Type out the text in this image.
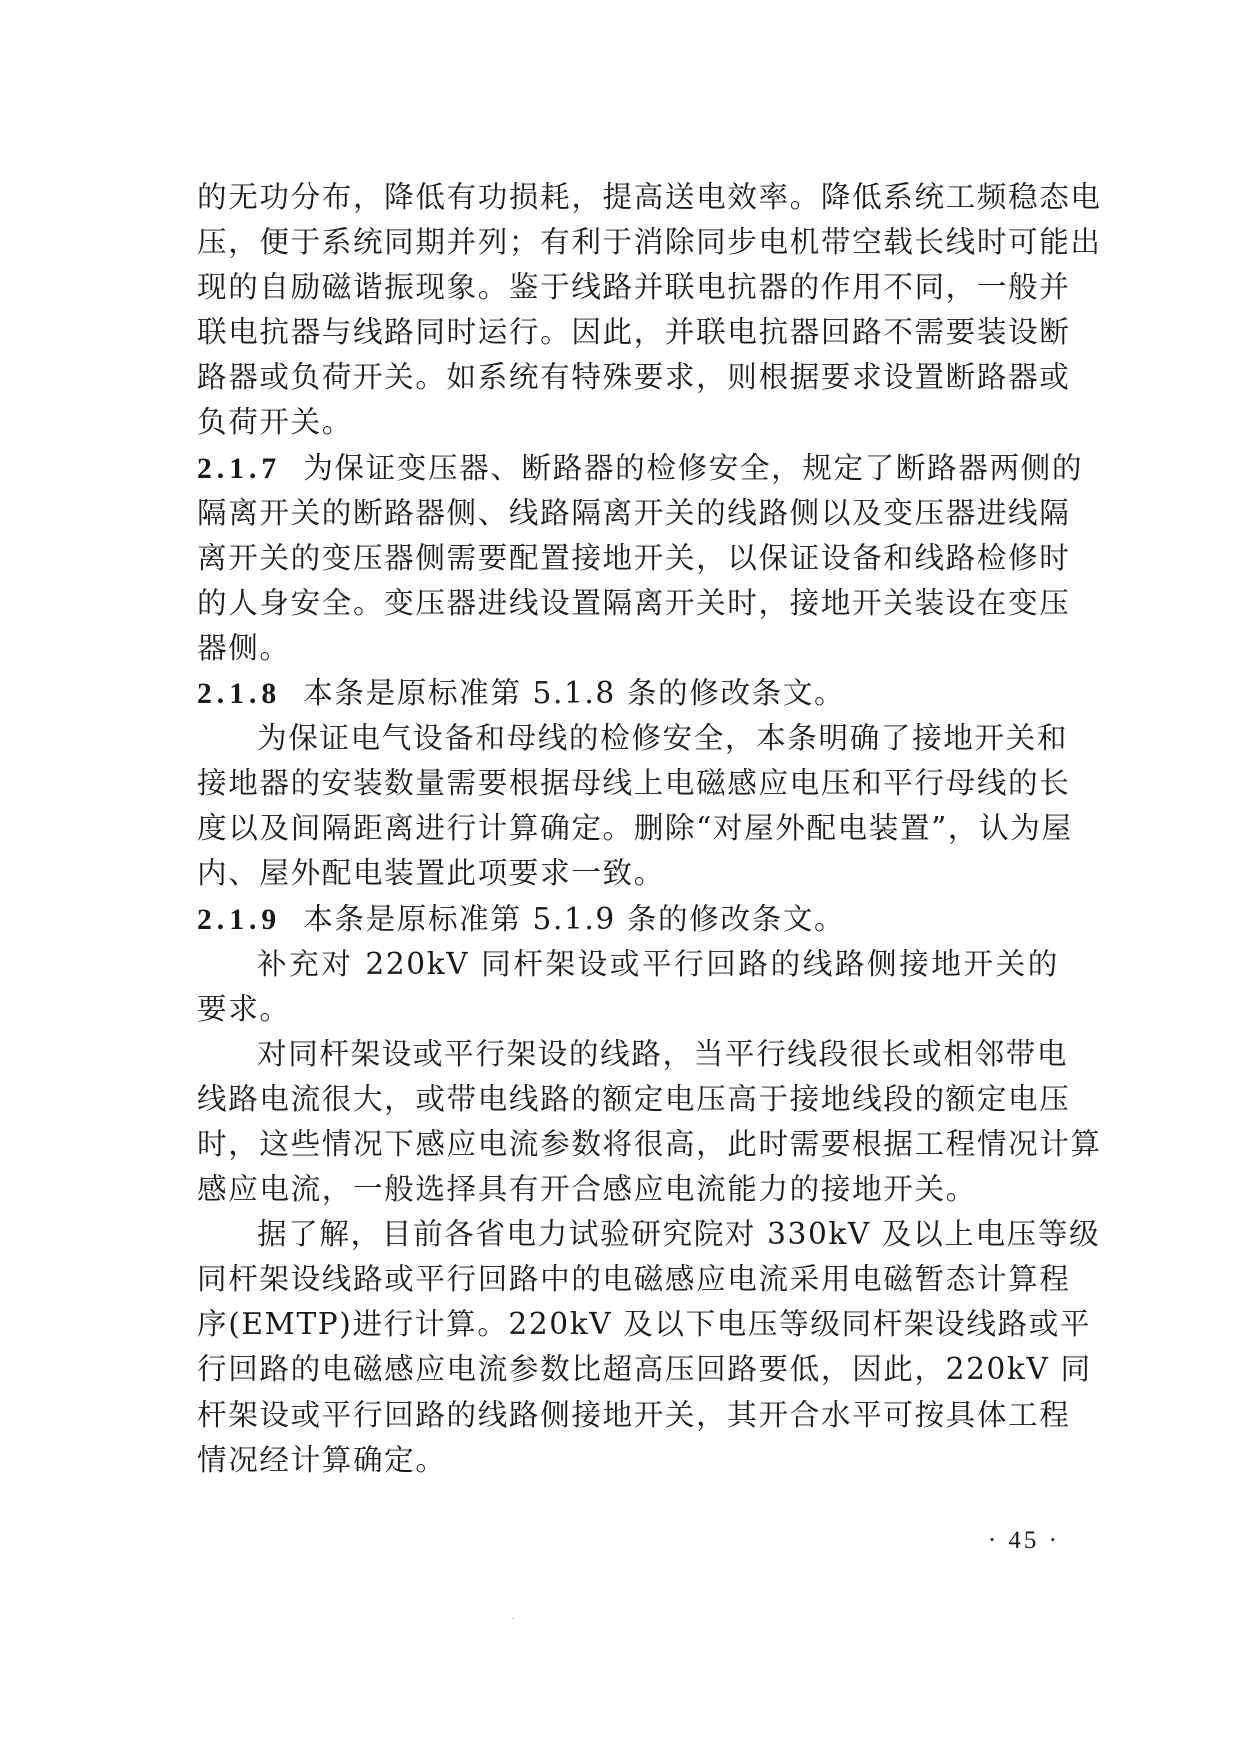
的无功分布，降低有功损耗，提高送电效率。降低系统工频稳态电
压，便于系统同期并列；有利于消除同步电机带空载长线时可能出
现的自励磁谐振现象。鉴于线路并联电抗器的作用不同，一般并
联电抗器与线路同时运行。因此，并联电抗器回路不需要装设断
路器或负荷开关。如系统有特殊要求，则根据要求设置断路器或
负荷开关。
2.1.7 为保证变压器、断路器的检修安全，规定了断路器两侧的
隔离开关的断路器侧、线路隔离开关的线路侧以及变压器进线隔
离开关的变压器侧需要配置接地开关，以保证设备和线路检修时
的人身安全。变压器进线设置隔离开关时，接地开关装设在变压
器侧。
2.1.8 本条是原标准第 5.1.8 条的修改条文。
为保证电气设备和母线的检修安全，本条明确了接地开关和
接地器的安装数量需要根据母线上电磁感应电压和平行母线的长
度以及间隔距离进行计算确定。删除“对屋外配电装置”，认为屋
内、屋外配电装置此项要求一致。
2.1.9 本条是原标准第 5.1.9 条的修改条文。
补充对 220kV 同杆架设或平行回路的线路侧接地开关的
要求。
对同杆架设或平行架设的线路，当平行线段很长或相邻带电
线路电流很大，或带电线路的额定电压高于接地线段的额定电压
时，这些情况下感应电流参数将很高，此时需要根据工程情况计算
感应电流，一般选择具有开合感应电流能力的接地开关。
据了解，目前各省电力试验研究院对 330kV 及以上电压等级
同杆架设线路或平行回路中的电磁感应电流采用电磁暂态计算程
序(EMTP)进行计算。220kV 及以下电压等级同杆架设线路或平
行回路的电磁感应电流参数比超高压回路要低，因此，220kV 同
杆架设或平行回路的线路侧接地开关，其开合水平可按具体工程
情况经计算确定。
· 45 ·
